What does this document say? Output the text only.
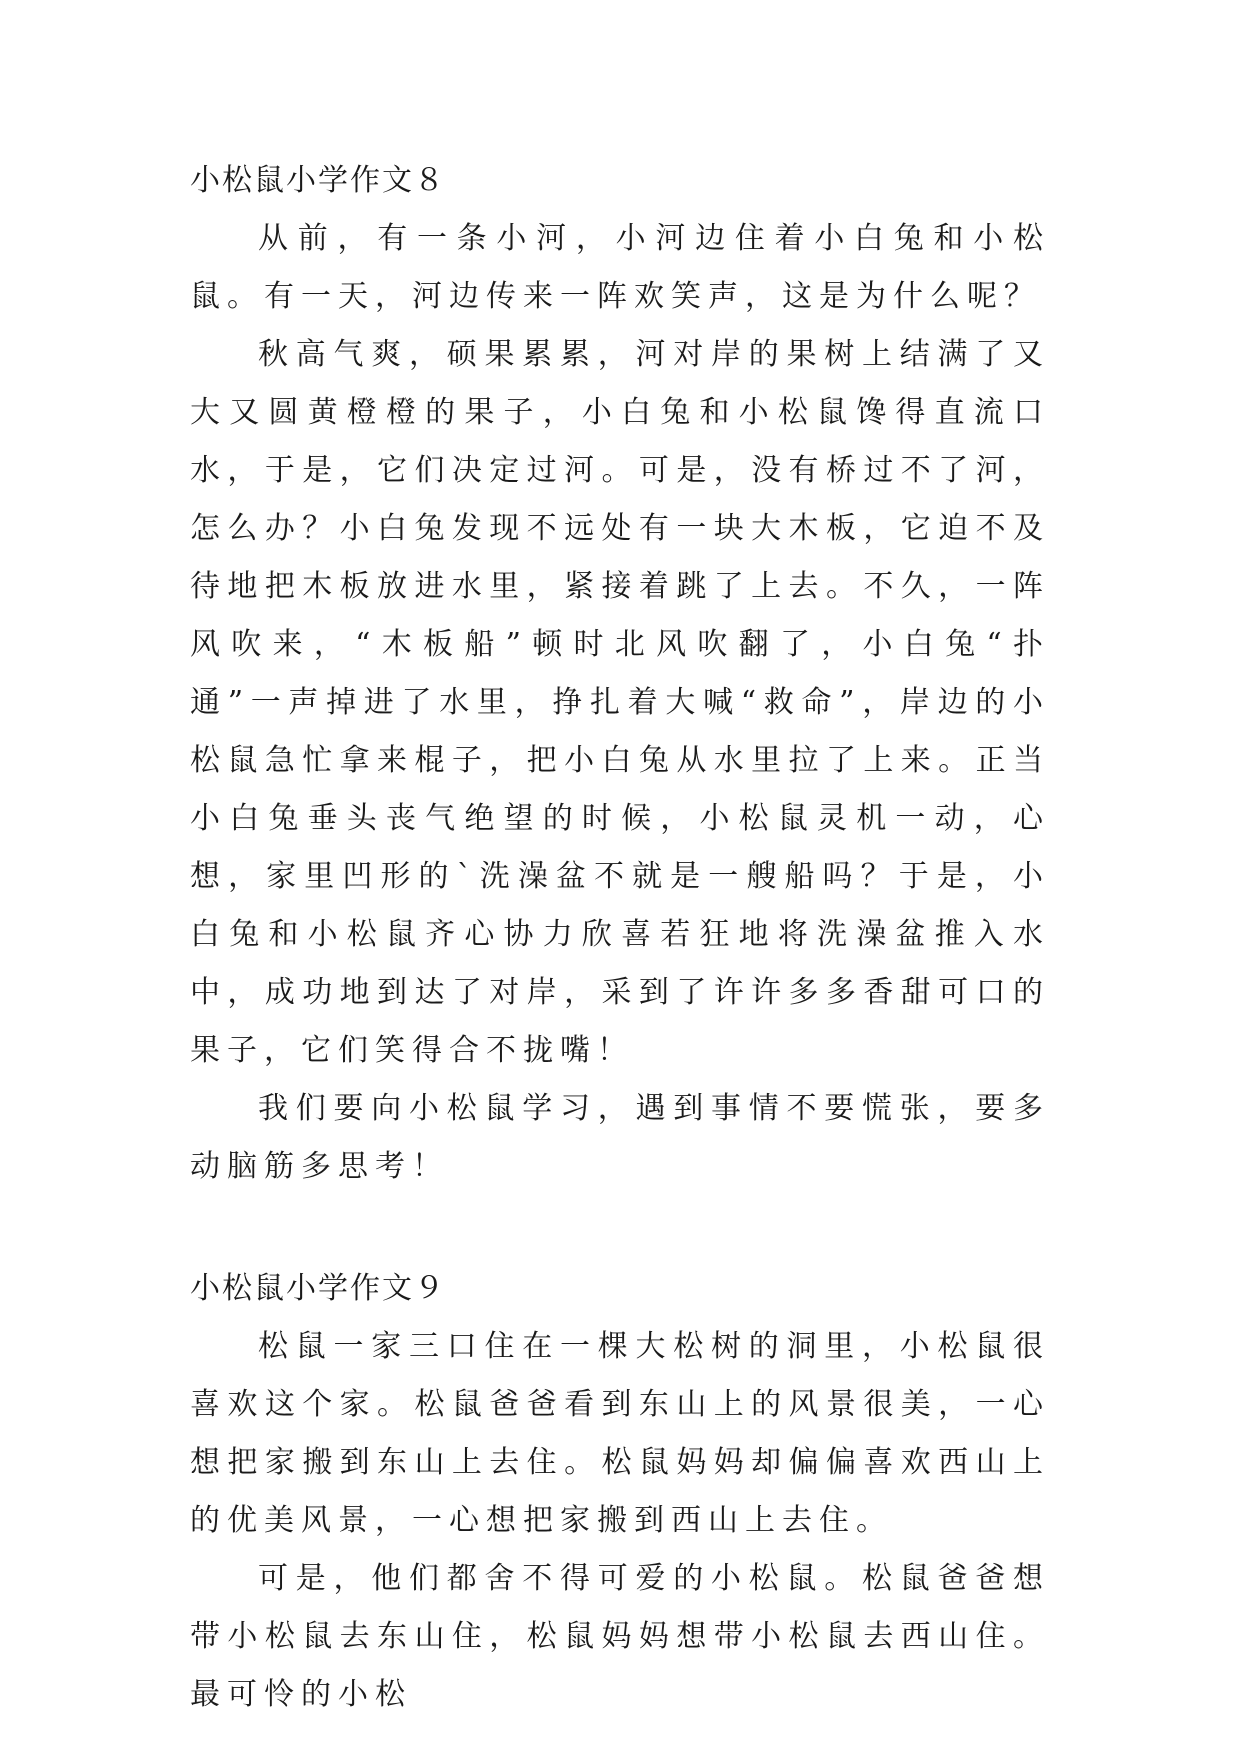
小松鼠小学作文８

从前，有一条小河，小河边住着小白兔和小松鼠。有一天，河边传来一阵欢笑声，这是为什么呢？

秋高气爽，硕果累累，河对岸的果树上结满了又大又圆黄橙橙的果子，小白兔和小松鼠馋得直流口水，于是，它们决定过河。可是，没有桥过不了河，怎么办？小白兔发现不远处有一块大木板，它迫不及待地把木板放进水里，紧接着跳了上去。不久，一阵风吹来，“木板船”顿时北风吹翻了，小白兔“扑通”一声掉进了水里，挣扎着大喊“救命”，岸边的小松鼠急忙拿来棍子，把小白兔从水里拉了上来。正当小白兔垂头丧气绝望的时候，小松鼠灵机一动，心想，家里凹形的`洗澡盆不就是一艘船吗？于是，小白兔和小松鼠齐心协力欣喜若狂地将洗澡盆推入水中，成功地到达了对岸，采到了许许多多香甜可口的果子，它们笑得合不拢嘴！

我们要向小松鼠学习，遇到事情不要慌张，要多动脑筋多思考！

小松鼠小学作文９

松鼠一家三口住在一棵大松树的洞里，小松鼠很喜欢这个家。松鼠爸爸看到东山上的风景很美，一心想把家搬到东山上去住。松鼠妈妈却偏偏喜欢西山上的优美风景，一心想把家搬到西山上去住。

可是，他们都舍不得可爱的小松鼠。松鼠爸爸想带小松鼠去东山住，松鼠妈妈想带小松鼠去西山住。最可怜的小松
